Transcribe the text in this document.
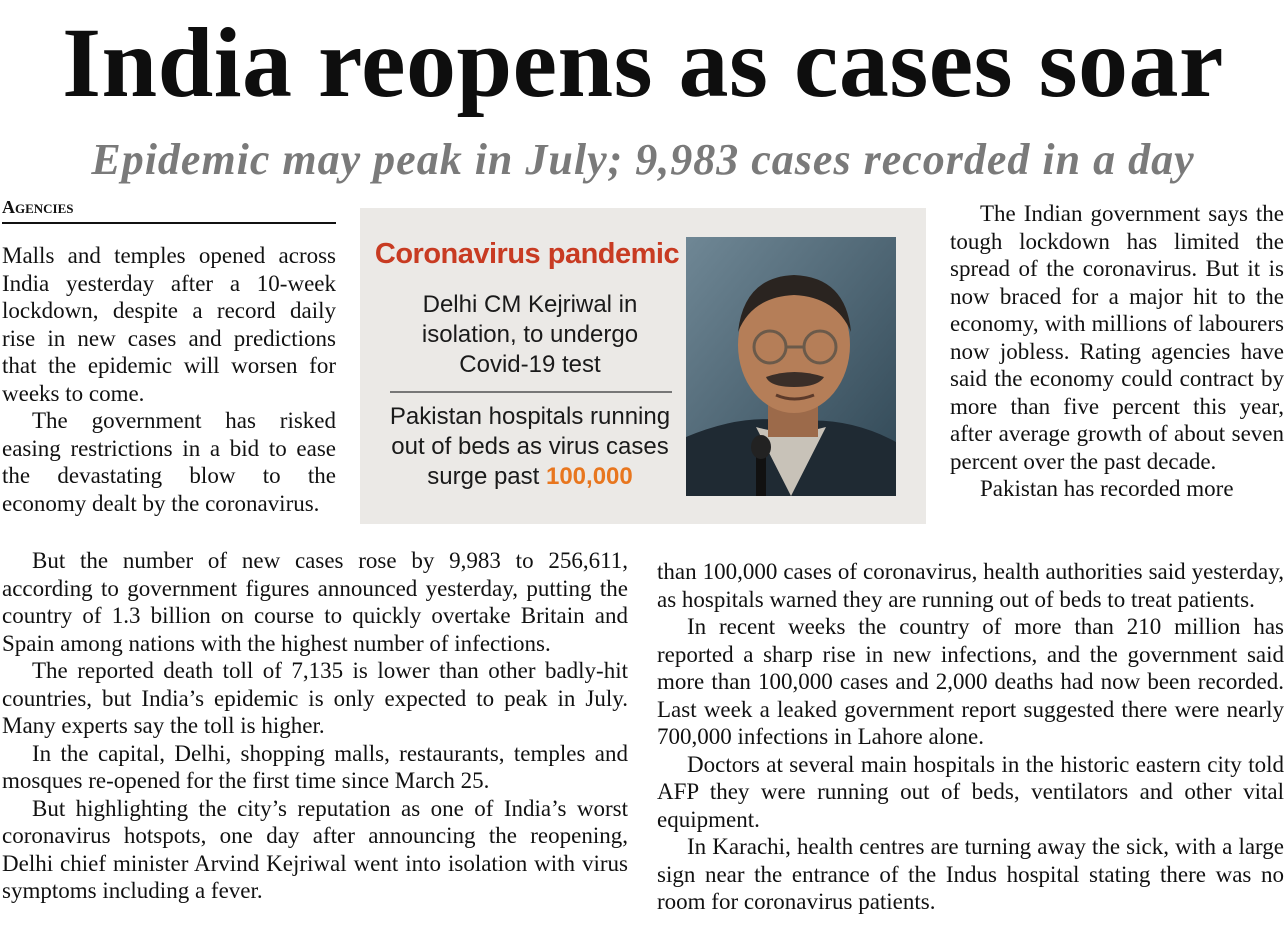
India reopens as cases soar
Epidemic may peak in July; 9,983 cases recorded in a day
Agencies

Malls and temples opened across India yesterday after a 10-week lockdown, despite a record daily rise in new cases and predictions that the epidemic will worsen for weeks to come.

The government has risked easing restrictions in a bid to ease the devastating blow to the economy dealt by the coronavirus.

Coronavirus pandemic
Delhi CM Kejriwal in isolation, to undergo Covid-19 test
Pakistan hospitals running out of beds as virus cases surge past 100,000

The Indian government says the tough lockdown has limited the spread of the coronavirus. But it is now braced for a major hit to the economy, with millions of labourers now jobless. Rating agencies have said the economy could contract by more than five percent this year, after average growth of about seven percent over the past decade.

Pakistan has recorded more

But the number of new cases rose by 9,983 to 256,611, according to government figures announced yesterday, putting the country of 1.3 billion on course to quickly overtake Britain and Spain among nations with the highest number of infections.

The reported death toll of 7,135 is lower than other badly-hit countries, but India’s epidemic is only expected to peak in July. Many experts say the toll is higher.

In the capital, Delhi, shopping malls, restaurants, temples and mosques re-opened for the first time since March 25.

But highlighting the city’s reputation as one of India’s worst coronavirus hotspots, one day after announcing the reopening, Delhi chief minister Arvind Kejriwal went into isolation with virus symptoms including a fever.

than 100,000 cases of coronavirus, health authorities said yesterday, as hospitals warned they are running out of beds to treat patients.

In recent weeks the country of more than 210 million has reported a sharp rise in new infections, and the government said more than 100,000 cases and 2,000 deaths had now been recorded. Last week a leaked government report suggested there were nearly 700,000 infections in Lahore alone.

Doctors at several main hospitals in the historic eastern city told AFP they were running out of beds, ventilators and other vital equipment.

In Karachi, health centres are turning away the sick, with a large sign near the entrance of the Indus hospital stating there was no room for coronavirus patients.
